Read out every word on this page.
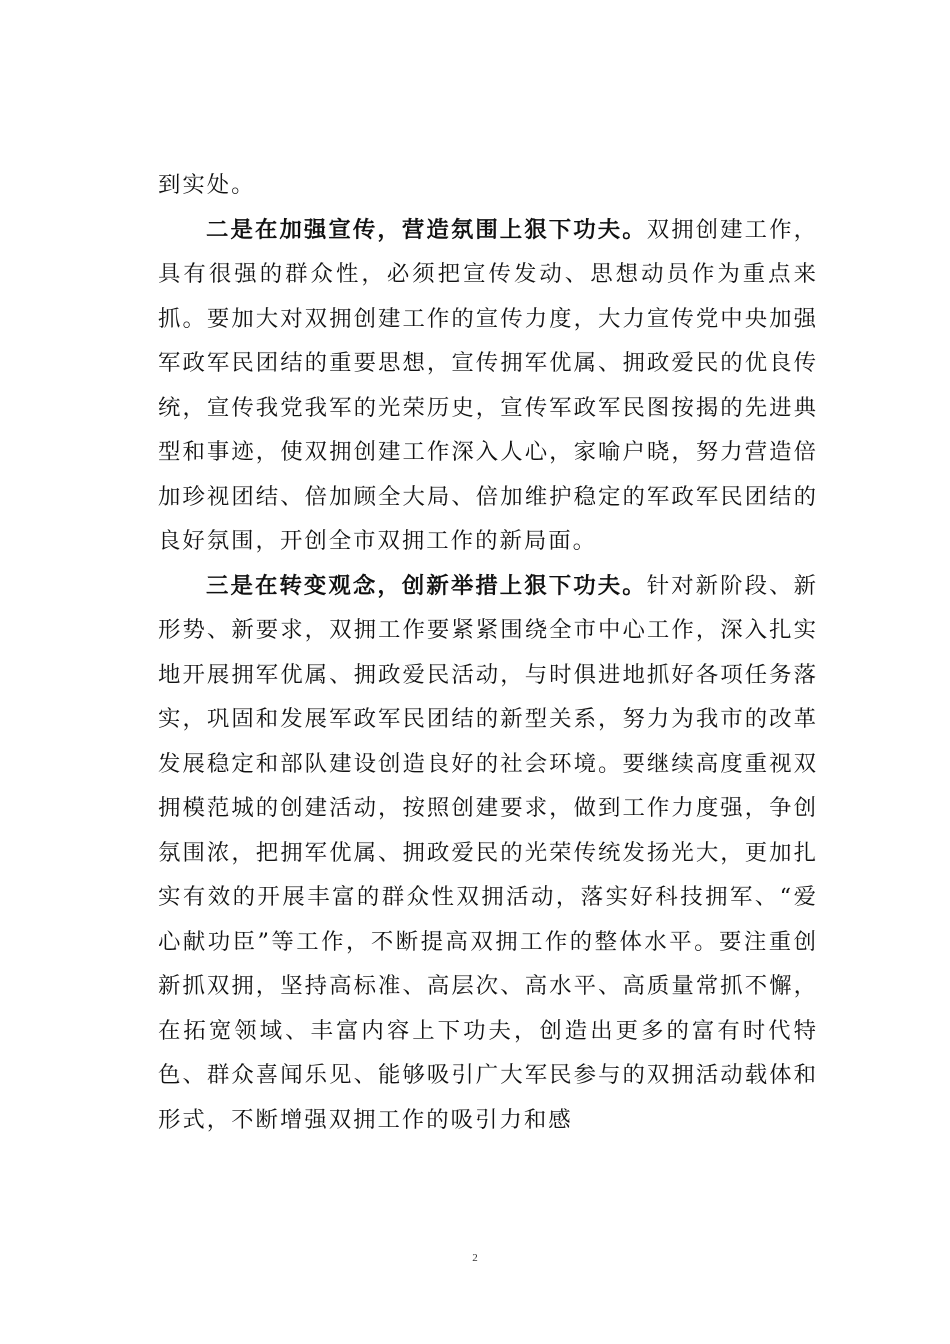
到实处。

二是在加强宣传，营造氛围上狠下功夫。双拥创建工作，具有很强的群众性，必须把宣传发动、思想动员作为重点来抓。要加大对双拥创建工作的宣传力度，大力宣传党中央加强军政军民团结的重要思想，宣传拥军优属、拥政爱民的优良传统，宣传我党我军的光荣历史，宣传军政军民图按揭的先进典型和事迹，使双拥创建工作深入人心，家喻户晓，努力营造倍加珍视团结、倍加顾全大局、倍加维护稳定的军政军民团结的良好氛围，开创全市双拥工作的新局面。

三是在转变观念，创新举措上狠下功夫。针对新阶段、新形势、新要求，双拥工作要紧紧围绕全市中心工作，深入扎实地开展拥军优属、拥政爱民活动，与时俱进地抓好各项任务落实，巩固和发展军政军民团结的新型关系，努力为我市的改革发展稳定和部队建设创造良好的社会环境。要继续高度重视双拥模范城的创建活动，按照创建要求，做到工作力度强，争创氛围浓，把拥军优属、拥政爱民的光荣传统发扬光大，更加扎实有效的开展丰富的群众性双拥活动，落实好科技拥军、“爱心献功臣”等工作，不断提高双拥工作的整体水平。要注重创新抓双拥，坚持高标准、高层次、高水平、高质量常抓不懈，在拓宽领域、丰富内容上下功夫，创造出更多的富有时代特色、群众喜闻乐见、能够吸引广大军民参与的双拥活动载体和形式，不断增强双拥工作的吸引力和感

2
